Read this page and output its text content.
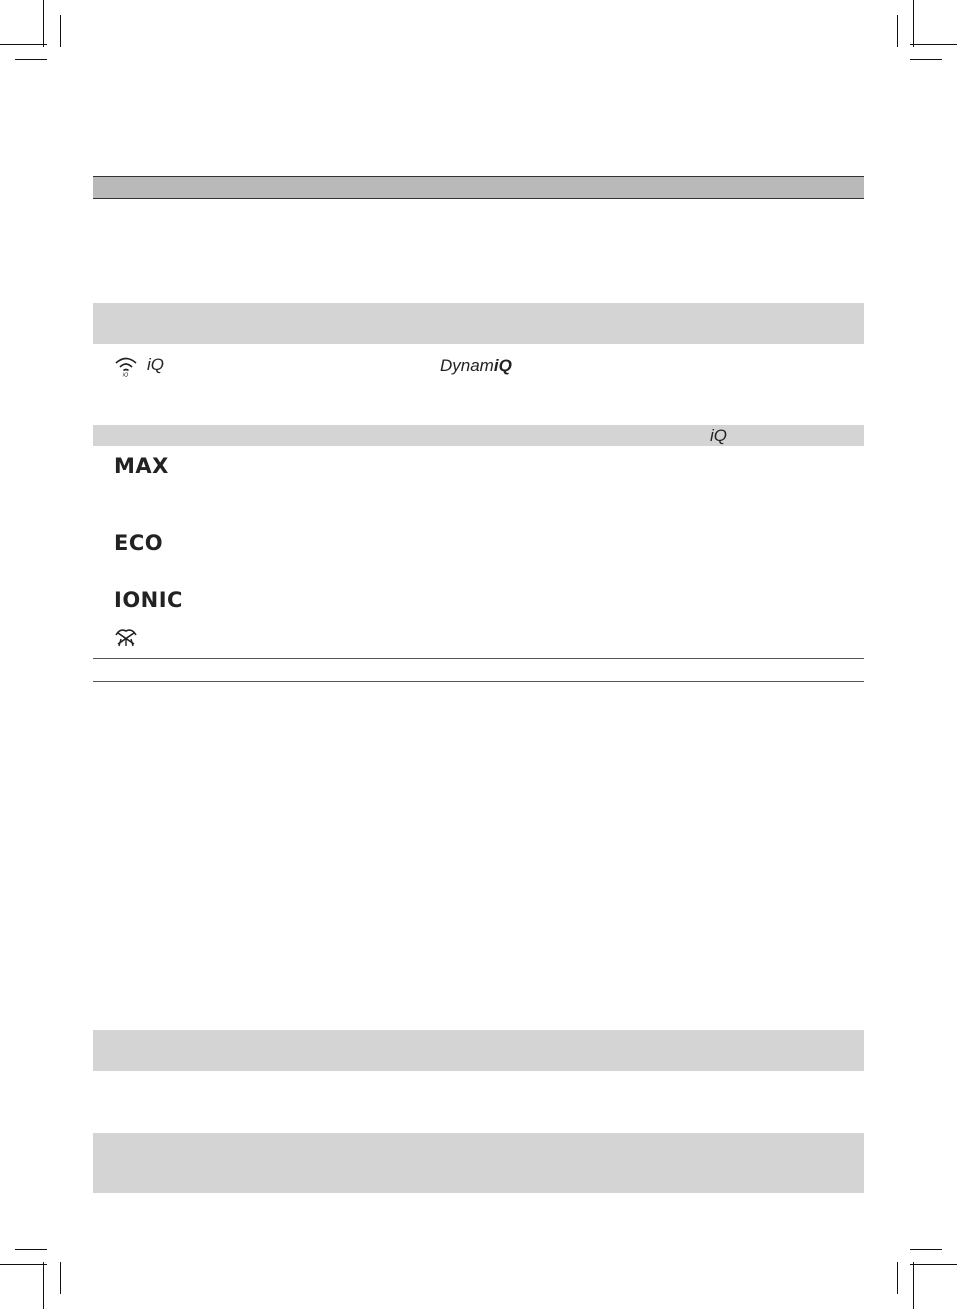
iQ
iQ	DynamiQ
iQ
MAX
ECO
IONIC
